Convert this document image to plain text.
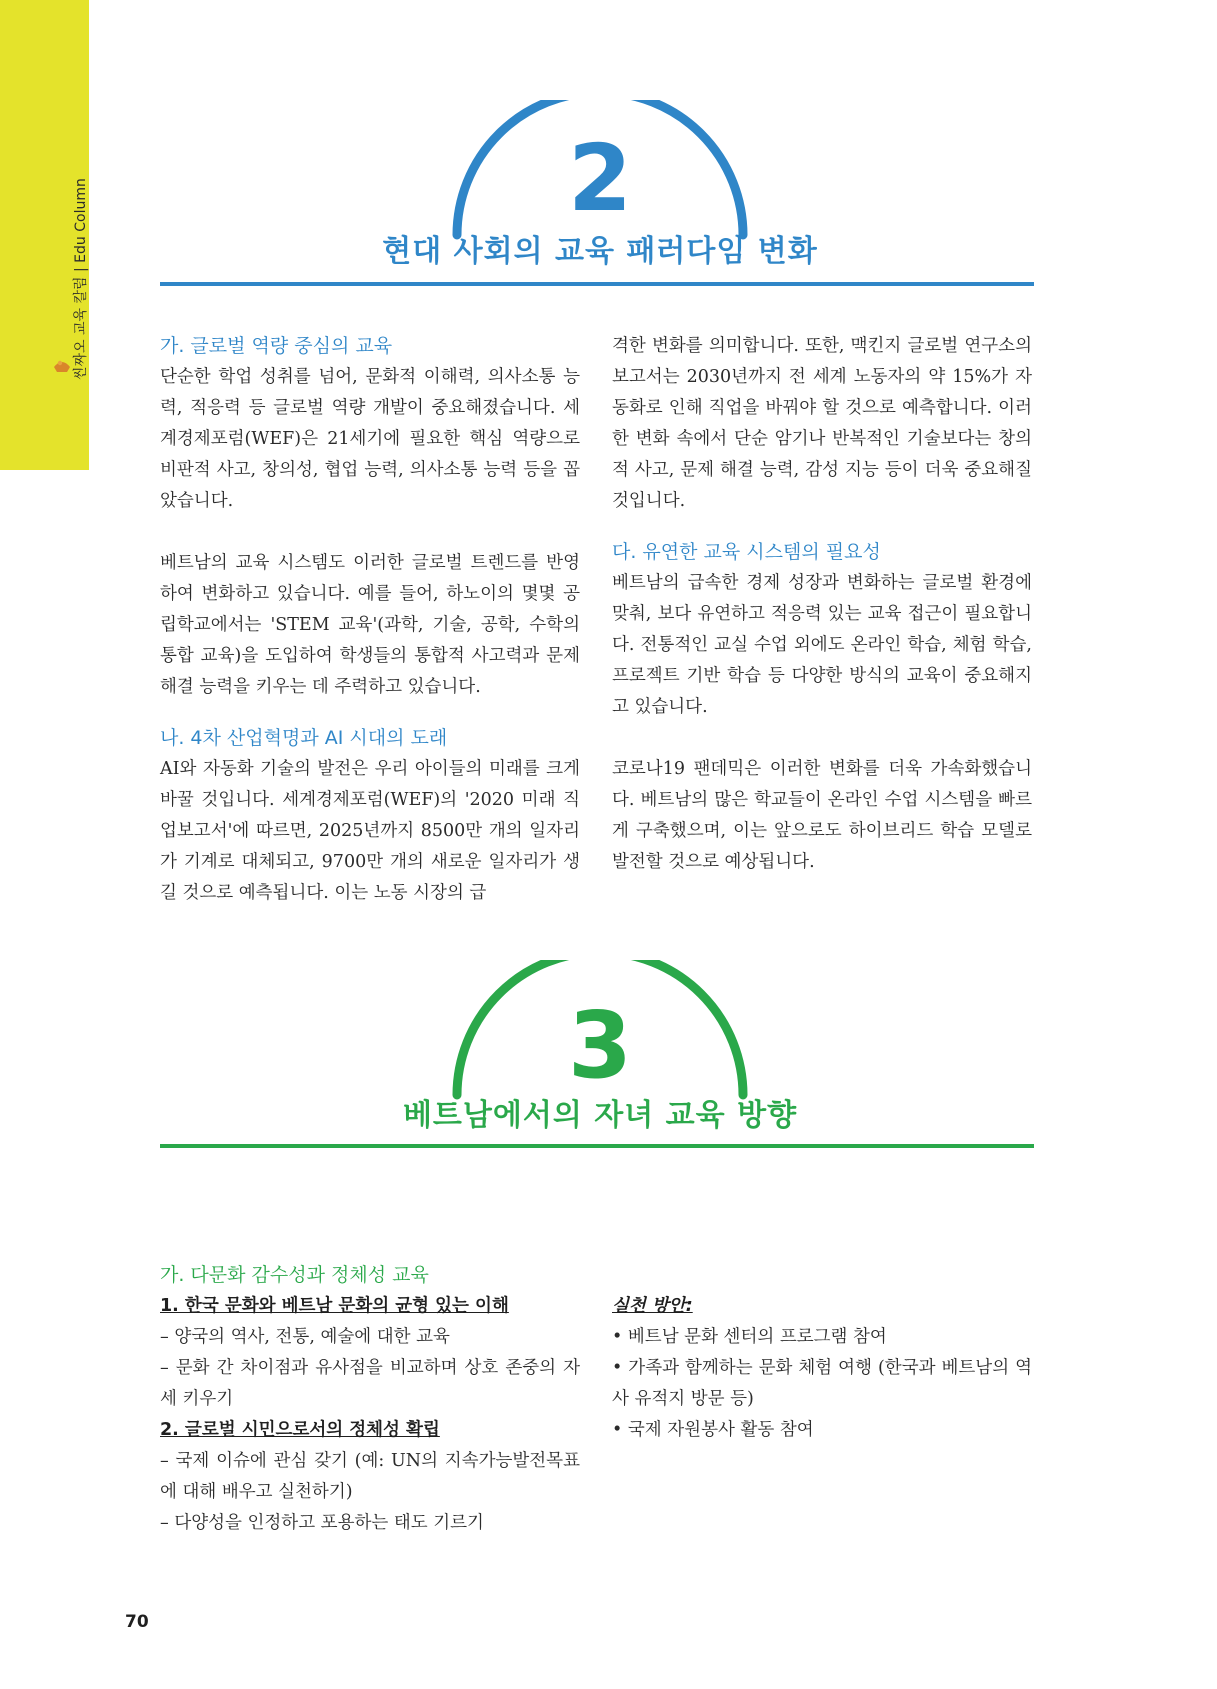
씬짜오 교육 칼럼 | Edu Column	2
현대 사회의 교육 패러다임 변화

가. 글로벌 역량 중심의 교육

단순한 학업 성취를 넘어, 문화적 이해력, 의사소통 능력, 적응력 등 글로벌 역량 개발이 중요해졌습니다. 세계경제포럼(WEF)은 21세기에 필요한 핵심 역량으로 비판적 사고, 창의성, 협업 능력, 의사소통 능력 등을 꼽았습니다.

베트남의 교육 시스템도 이러한 글로벌 트렌드를 반영하여 변화하고 있습니다. 예를 들어, 하노이의 몇몇 공립학교에서는 'STEM 교육'(과학, 기술, 공학, 수학의 통합 교육)을 도입하여 학생들의 통합적 사고력과 문제 해결 능력을 키우는 데 주력하고 있습니다.

나. 4차 산업혁명과 AI 시대의 도래

AI와 자동화 기술의 발전은 우리 아이들의 미래를 크게 바꿀 것입니다. 세계경제포럼(WEF)의 '2020 미래 직업보고서'에 따르면, 2025년까지 8500만 개의 일자리가 기계로 대체되고, 9700만 개의 새로운 일자리가 생길 것으로 예측됩니다. 이는 노동 시장의 급

격한 변화를 의미합니다. 또한, 맥킨지 글로벌 연구소의 보고서는 2030년까지 전 세계 노동자의 약 15%가 자동화로 인해 직업을 바꿔야 할 것으로 예측합니다. 이러한 변화 속에서 단순 암기나 반복적인 기술보다는 창의적 사고, 문제 해결 능력, 감성 지능 등이 더욱 중요해질 것입니다.

다. 유연한 교육 시스템의 필요성

베트남의 급속한 경제 성장과 변화하는 글로벌 환경에 맞춰, 보다 유연하고 적응력 있는 교육 접근이 필요합니다. 전통적인 교실 수업 외에도 온라인 학습, 체험 학습, 프로젝트 기반 학습 등 다양한 방식의 교육이 중요해지고 있습니다.

코로나19 팬데믹은 이러한 변화를 더욱 가속화했습니다. 베트남의 많은 학교들이 온라인 수업 시스템을 빠르게 구축했으며, 이는 앞으로도 하이브리드 학습 모델로 발전할 것으로 예상됩니다.

3
베트남에서의 자녀 교육 방향

가. 다문화 감수성과 정체성 교육

1. 한국 문화와 베트남 문화의 균형 있는 이해

– 양국의 역사, 전통, 예술에 대한 교육

– 문화 간 차이점과 유사점을 비교하며 상호 존중의 자세 키우기

2. 글로벌 시민으로서의 정체성 확립

– 국제 이슈에 관심 갖기 (예: UN의 지속가능발전목표에 대해 배우고 실천하기)

– 다양성을 인정하고 포용하는 태도 기르기

실천 방안:

• 베트남 문화 센터의 프로그램 참여

• 가족과 함께하는 문화 체험 여행 (한국과 베트남의 역사 유적지 방문 등)

• 국제 자원봉사 활동 참여

70
